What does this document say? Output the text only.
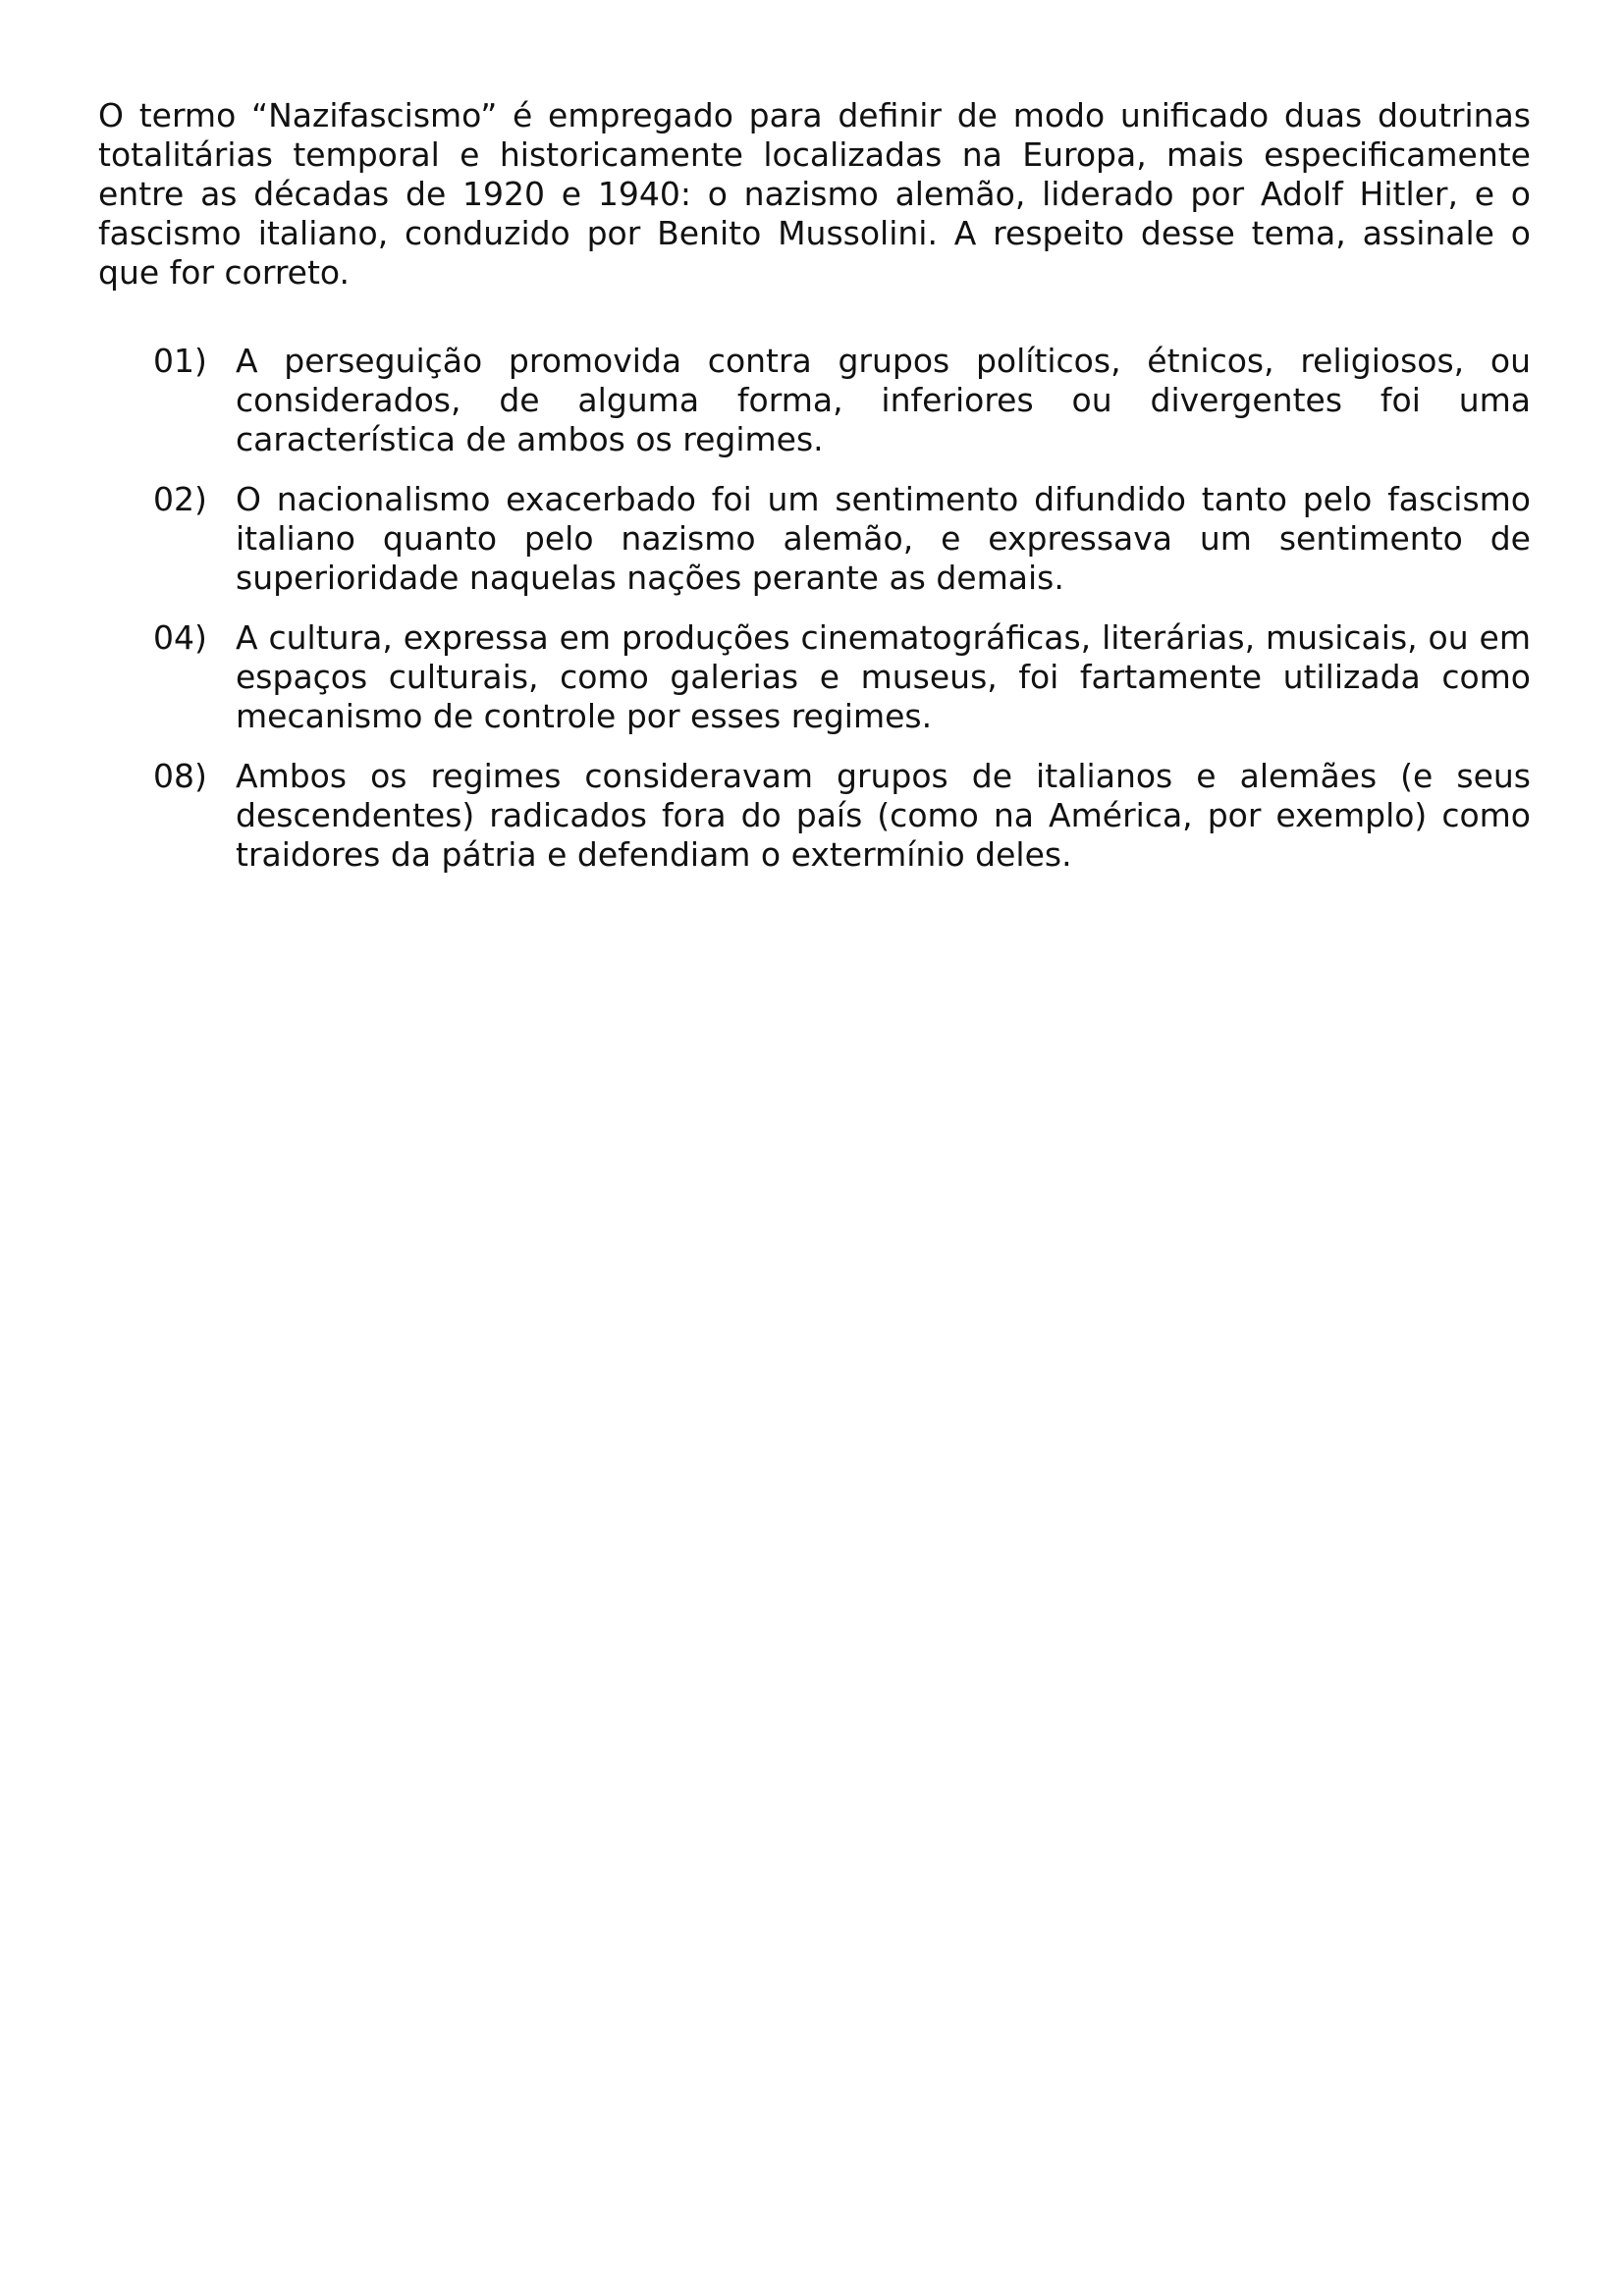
O termo “Nazifascismo” é empregado para definir de modo unificado duas doutrinas totalitárias temporal e historicamente localizadas na Europa, mais especificamente entre as décadas de 1920 e 1940: o nazismo alemão, liderado por Adolf Hitler, e o fascismo italiano, conduzido por Benito Mussolini. A respeito desse tema, assinale o que for correto.

01) A perseguição promovida contra grupos políticos, étnicos, religiosos, ou considerados, de alguma forma, inferiores ou divergentes foi uma característica de ambos os regimes.
02) O nacionalismo exacerbado foi um sentimento difundido tanto pelo fascismo italiano quanto pelo nazismo alemão, e expressava um sentimento de superioridade naquelas nações perante as demais.
04) A cultura, expressa em produções cinematográficas, literárias, musicais, ou em espaços culturais, como galerias e museus, foi fartamente utilizada como mecanismo de controle por esses regimes.
08) Ambos os regimes consideravam grupos de italianos e alemães (e seus descendentes) radicados fora do país (como na América, por exemplo) como traidores da pátria e defendiam o extermínio deles.
